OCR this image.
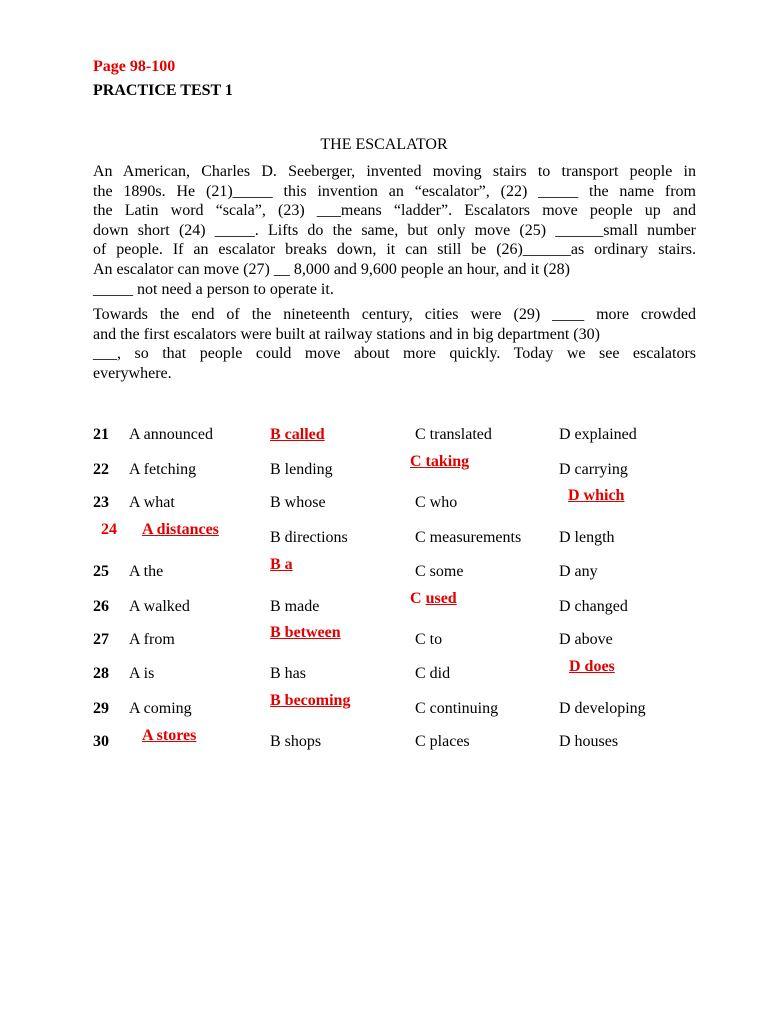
Page 98-100
PRACTICE TEST 1
THE ESCALATOR
An American, Charles D. Seeberger, invented moving stairs to transport people in
the 1890s. He (21)_____ this invention an “escalator”, (22) _____ the name from
the Latin word “scala”, (23) ___means “ladder”. Escalators move people up and
down short (24) _____. Lifts do the same, but only move (25) ______small number
of people. If an escalator breaks down, it can still be (26)______as ordinary stairs.
An escalator can move (27) __ 8,000 and 9,600 people an hour, and it (28)
_____ not need a person to operate it.
Towards the end of the nineteenth century, cities were (29) ____ more crowded
and the first escalators were built at railway stations and in big department (30)
___, so that people could move about more quickly. Today we see escalators
everywhere.
21 A announced	B called	C translated	D explained
22 A fetching	B lending	C taking	D carrying
23 A what	B whose	C who	D which
24 A distances	B directions	C measurements D length
25 A the	B a	C some	D any
26 A walked	B made	C used	D changed
27 A from	B between	C to	D above
28 A is	B has	C did	D does
29 A coming	B becoming	C continuing	D developing
30 A stores	B shops	C places	D houses
